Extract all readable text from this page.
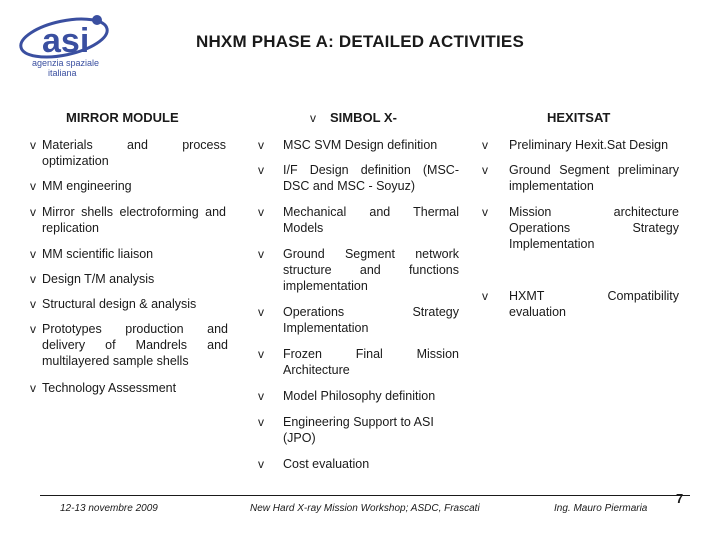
asi
agenzia spaziale
italiana
NHXM PHASE A: DETAILED ACTIVITIES
MIRROR MODULE	v SIMBOL X-	HEXITSAT
v Materials and process optimization
v MM engineering
v Mirror shells electroforming and replication
v MM scientific liaison
v Design T/M analysis
v Structural design & analysis
v Prototypes production and delivery of Mandrels and multilayered sample shells
v Technology Assessment
v MSC SVM Design definition
v I/F Design definition (MSC-DSC and MSC - Soyuz)
v Mechanical and Thermal Models
v Ground Segment network structure and functions implementation
v Operations Strategy Implementation
v Frozen Final Mission Architecture
v Model Philosophy definition
v Engineering Support to ASI (JPO)
v Cost evaluation
v Preliminary Hexit.Sat Design
v Ground Segment preliminary implementation
v Mission architecture Operations Strategy Implementation
v HXMT Compatibility evaluation
12-13 novembre 2009	New Hard X-ray Mission Workshop; ASDC, Frascati	Ing. Mauro Piermaria
7
